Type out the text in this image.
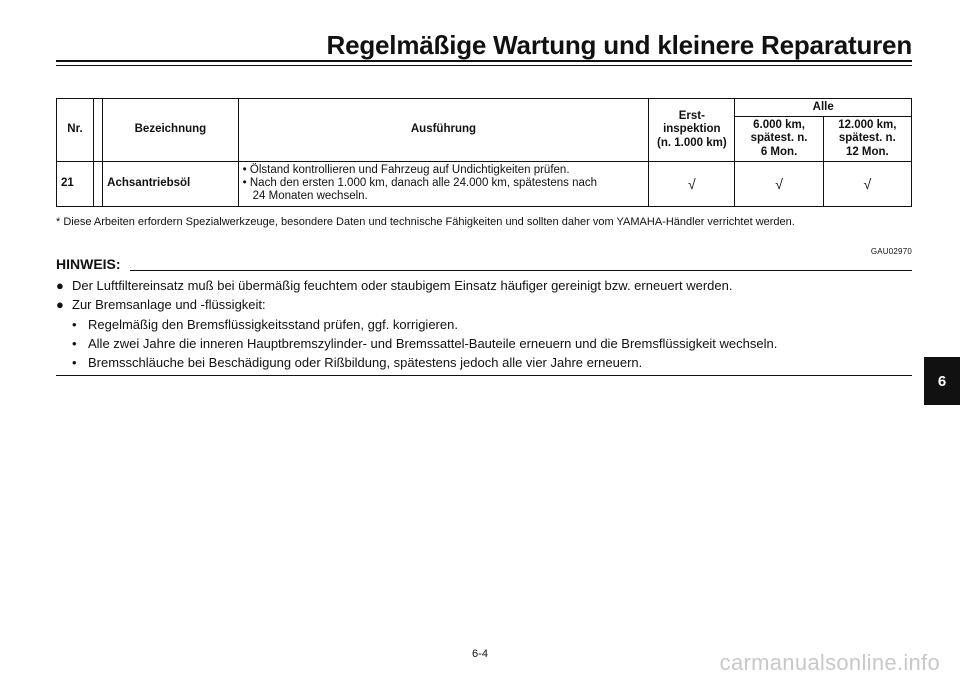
Regelmäßige Wartung und kleinere Reparaturen
Nr.		Bezeichnung	Ausführung	Erst-
inspektion
(n. 1.000 km)	Alle	

					6.000 km,
spätest. n.
6 Mon.	12.000 km,
spätest. n.
12 Mon.

21		Achsantriebsöl	• Ölstand kontrollieren und Fahrzeug auf Undichtigkeiten prüfen.
• Nach den ersten 1.000 km, danach alle 24.000 km, spätestens nach
24 Monaten wechseln.	√	√	√
* Diese Arbeiten erfordern Spezialwerkzeuge, besondere Daten und technische Fähigkeiten und sollten daher vom YAMAHA-Händler verrichtet werden.
GAU02970
HINWEIS:
● Der Luftfiltereinsatz muß bei übermäßig feuchtem oder staubigem Einsatz häufiger gereinigt bzw. erneuert werden.
● Zur Bremsanlage und -flüssigkeit:
• Regelmäßig den Bremsflüssigkeitsstand prüfen, ggf. korrigieren.
• Alle zwei Jahre die inneren Hauptbremszylinder- und Bremssattel-Bauteile erneuern und die Bremsflüssigkeit wechseln.
• Bremsschläuche bei Beschädigung oder Rißbildung, spätestens jedoch alle vier Jahre erneuern.
6
6-4	carmanualsonline.info
